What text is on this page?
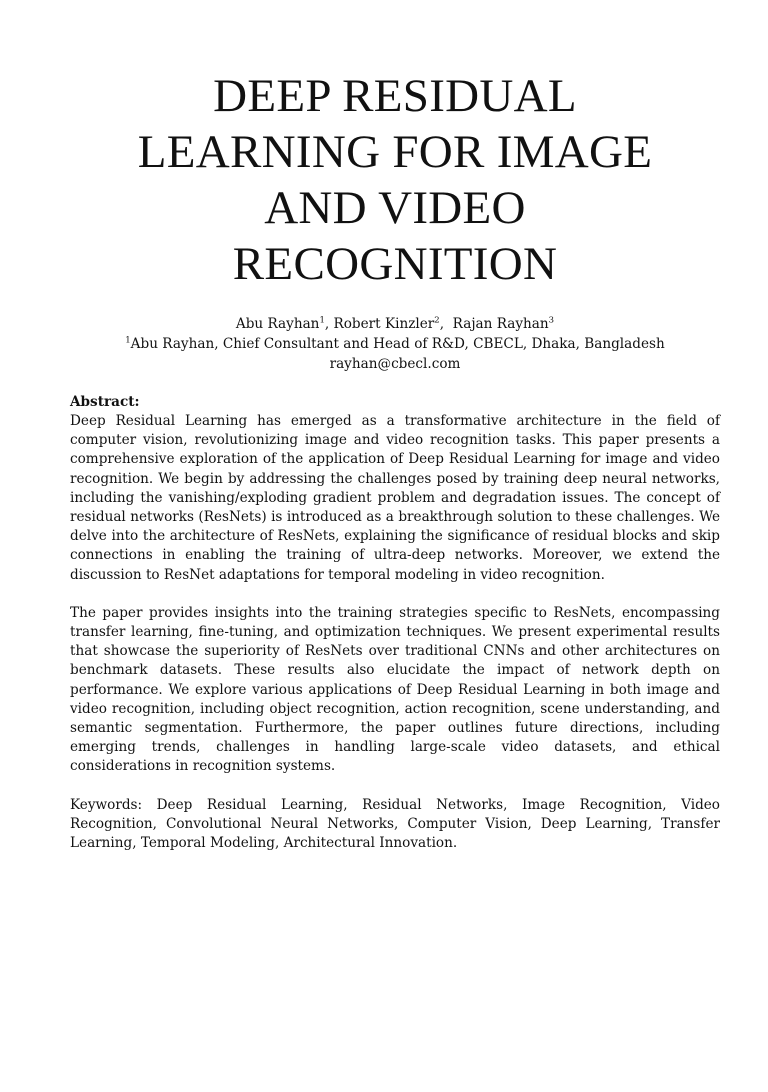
DEEP RESIDUAL LEARNING FOR IMAGE AND VIDEO RECOGNITION
Abu Rayhan$^1$, Robert Kinzler$^2$,  Rajan Rayhan$^3$
$^1$Abu Rayhan, Chief Consultant and Head of R&D, CBECL, Dhaka, Bangladesh
rayhan@cbecl.com
Abstract:

Deep Residual Learning has emerged as a transformative architecture in the field of computer vision, revolutionizing image and video recognition tasks. This paper presents a comprehensive exploration of the application of Deep Residual Learning for image and video recognition. We begin by addressing the challenges posed by training deep neural networks, including the vanishing/exploding gradient problem and degradation issues. The concept of residual networks (ResNets) is introduced as a breakthrough solution to these challenges. We delve into the architecture of ResNets, explaining the significance of residual blocks and skip connections in enabling the training of ultra-deep networks. Moreover, we extend the discussion to ResNet adaptations for temporal modeling in video recognition.

The paper provides insights into the training strategies specific to ResNets, encompassing transfer learning, fine-tuning, and optimization techniques. We present experimental results that showcase the superiority of ResNets over traditional CNNs and other architectures on benchmark datasets. These results also elucidate the impact of network depth on performance. We explore various applications of Deep Residual Learning in both image and video recognition, including object recognition, action recognition, scene understanding, and semantic segmentation. Furthermore, the paper outlines future directions, including emerging trends, challenges in handling large-scale video datasets, and ethical considerations in recognition systems.

Keywords: Deep Residual Learning, Residual Networks, Image Recognition, Video Recognition, Convolutional Neural Networks, Computer Vision, Deep Learning, Transfer Learning, Temporal Modeling, Architectural Innovation.
